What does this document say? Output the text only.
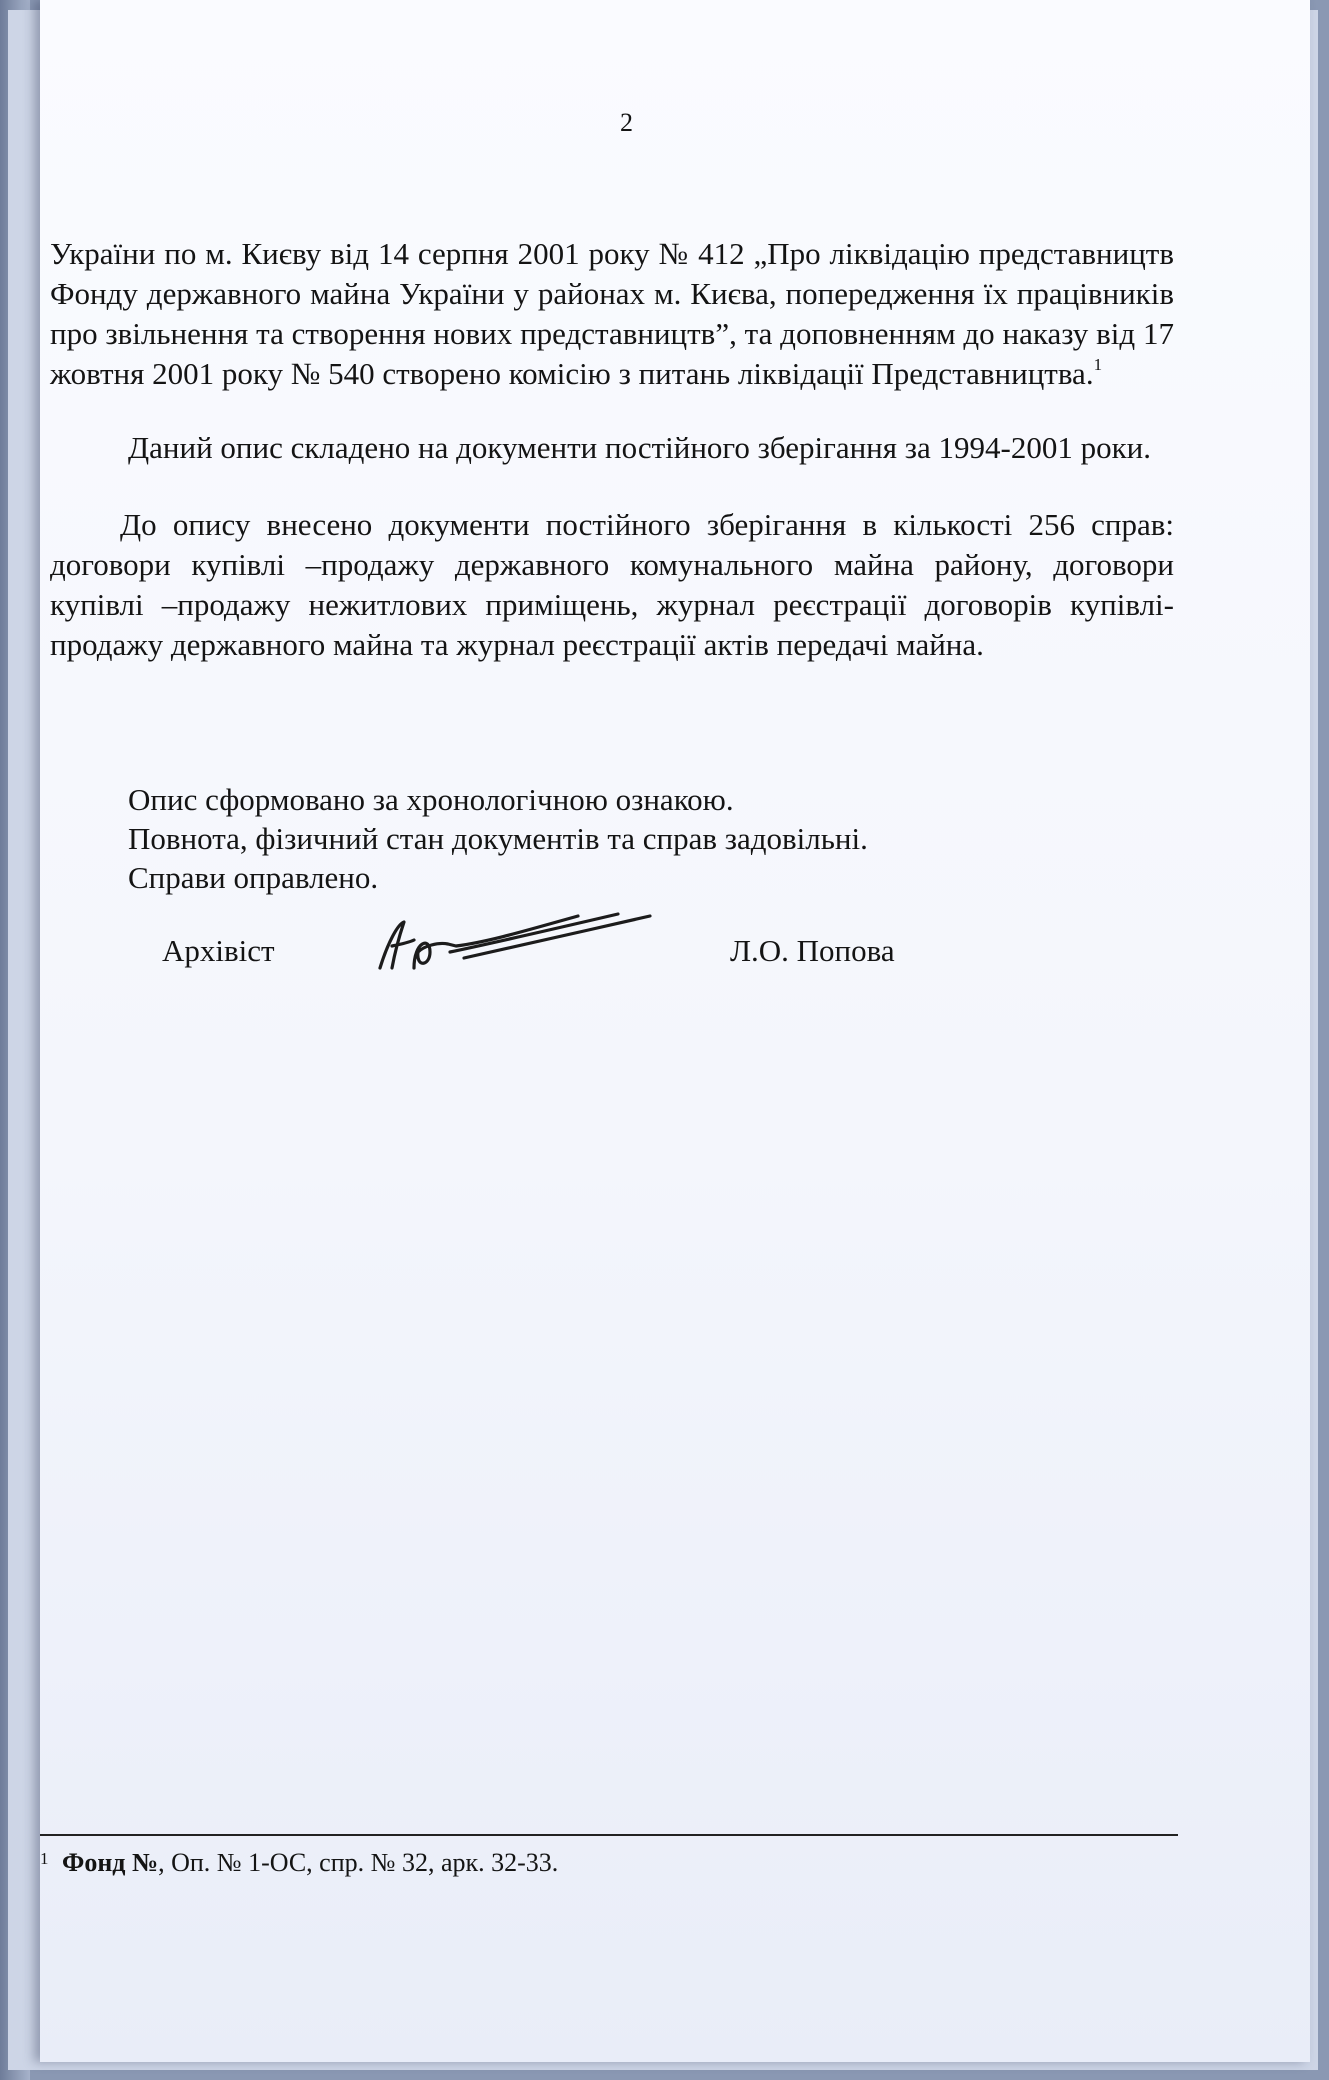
2

України по м. Києву від 14 серпня 2001 року № 412 „Про ліквідацію представництв Фонду державного майна України у районах м. Києва, попередження їх працівників про звільнення та створення нових представництв”, та доповненням до наказу від 17 жовтня 2001 року № 540 створено комісію з питань ліквідації Представництва.$^1$

Даний опис складено на документи постійного зберігання за 1994-2001 роки.

До опису внесено документи постійного зберігання в кількості 256 справ: договори купівлі –продажу державного комунального майна району, договори купівлі –продажу нежитлових приміщень, журнал реєстрації договорів купівлі-продажу державного майна та журнал реєстрації актів передачі майна.

Опис сформовано за хронологічною ознакою.
Повнота, фізичний стан документів та справ задовільні.
Справи оправлено.
Архівіст	Л.О. Попова
1 Фонд №, Оп. № 1-ОС, спр. № 32, арк. 32-33.
